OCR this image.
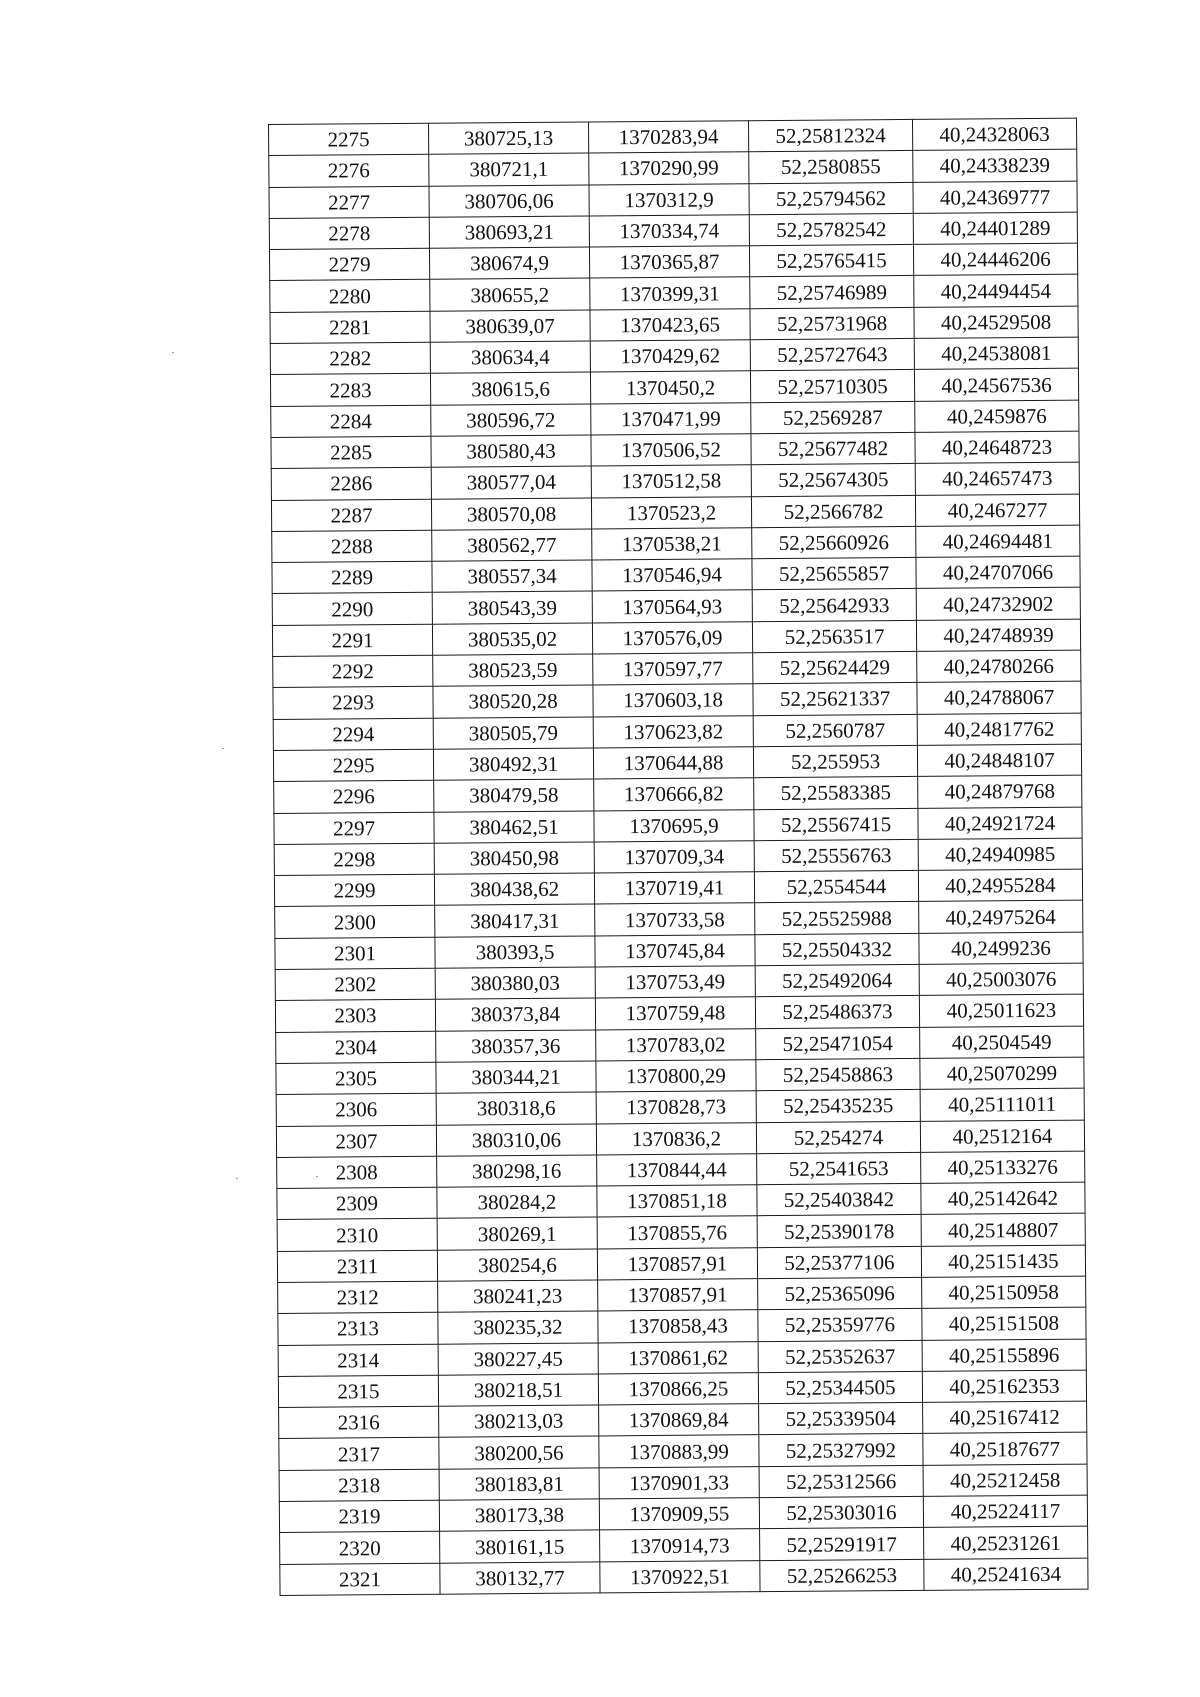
2275	380725,13	1370283,94	52,25812324	40,24328063
2276	380721,1	1370290,99	52,2580855	40,24338239
2277	380706,06	1370312,9	52,25794562	40,24369777
2278	380693,21	1370334,74	52,25782542	40,24401289
2279	380674,9	1370365,87	52,25765415	40,24446206
2280	380655,2	1370399,31	52,25746989	40,24494454
2281	380639,07	1370423,65	52,25731968	40,24529508
2282	380634,4	1370429,62	52,25727643	40,24538081
2283	380615,6	1370450,2	52,25710305	40,24567536
2284	380596,72	1370471,99	52,2569287	40,2459876
2285	380580,43	1370506,52	52,25677482	40,24648723
2286	380577,04	1370512,58	52,25674305	40,24657473
2287	380570,08	1370523,2	52,2566782	40,2467277
2288	380562,77	1370538,21	52,25660926	40,24694481
2289	380557,34	1370546,94	52,25655857	40,24707066
2290	380543,39	1370564,93	52,25642933	40,24732902
2291	380535,02	1370576,09	52,2563517	40,24748939
2292	380523,59	1370597,77	52,25624429	40,24780266
2293	380520,28	1370603,18	52,25621337	40,24788067
2294	380505,79	1370623,82	52,2560787	40,24817762
2295	380492,31	1370644,88	52,255953	40,24848107
2296	380479,58	1370666,82	52,25583385	40,24879768
2297	380462,51	1370695,9	52,25567415	40,24921724
2298	380450,98	1370709,34	52,25556763	40,24940985
2299	380438,62	1370719,41	52,2554544	40,24955284
2300	380417,31	1370733,58	52,25525988	40,24975264
2301	380393,5	1370745,84	52,25504332	40,2499236
2302	380380,03	1370753,49	52,25492064	40,25003076
2303	380373,84	1370759,48	52,25486373	40,25011623
2304	380357,36	1370783,02	52,25471054	40,2504549
2305	380344,21	1370800,29	52,25458863	40,25070299
2306	380318,6	1370828,73	52,25435235	40,25111011
2307	380310,06	1370836,2	52,254274	40,2512164
2308	380298,16	1370844,44	52,2541653	40,25133276
2309	380284,2	1370851,18	52,25403842	40,25142642
2310	380269,1	1370855,76	52,25390178	40,25148807
2311	380254,6	1370857,91	52,25377106	40,25151435
2312	380241,23	1370857,91	52,25365096	40,25150958
2313	380235,32	1370858,43	52,25359776	40,25151508
2314	380227,45	1370861,62	52,25352637	40,25155896
2315	380218,51	1370866,25	52,25344505	40,25162353
2316	380213,03	1370869,84	52,25339504	40,25167412
2317	380200,56	1370883,99	52,25327992	40,25187677
2318	380183,81	1370901,33	52,25312566	40,25212458
2319	380173,38	1370909,55	52,25303016	40,25224117
2320	380161,15	1370914,73	52,25291917	40,25231261
2321	380132,77	1370922,51	52,25266253	40,25241634
